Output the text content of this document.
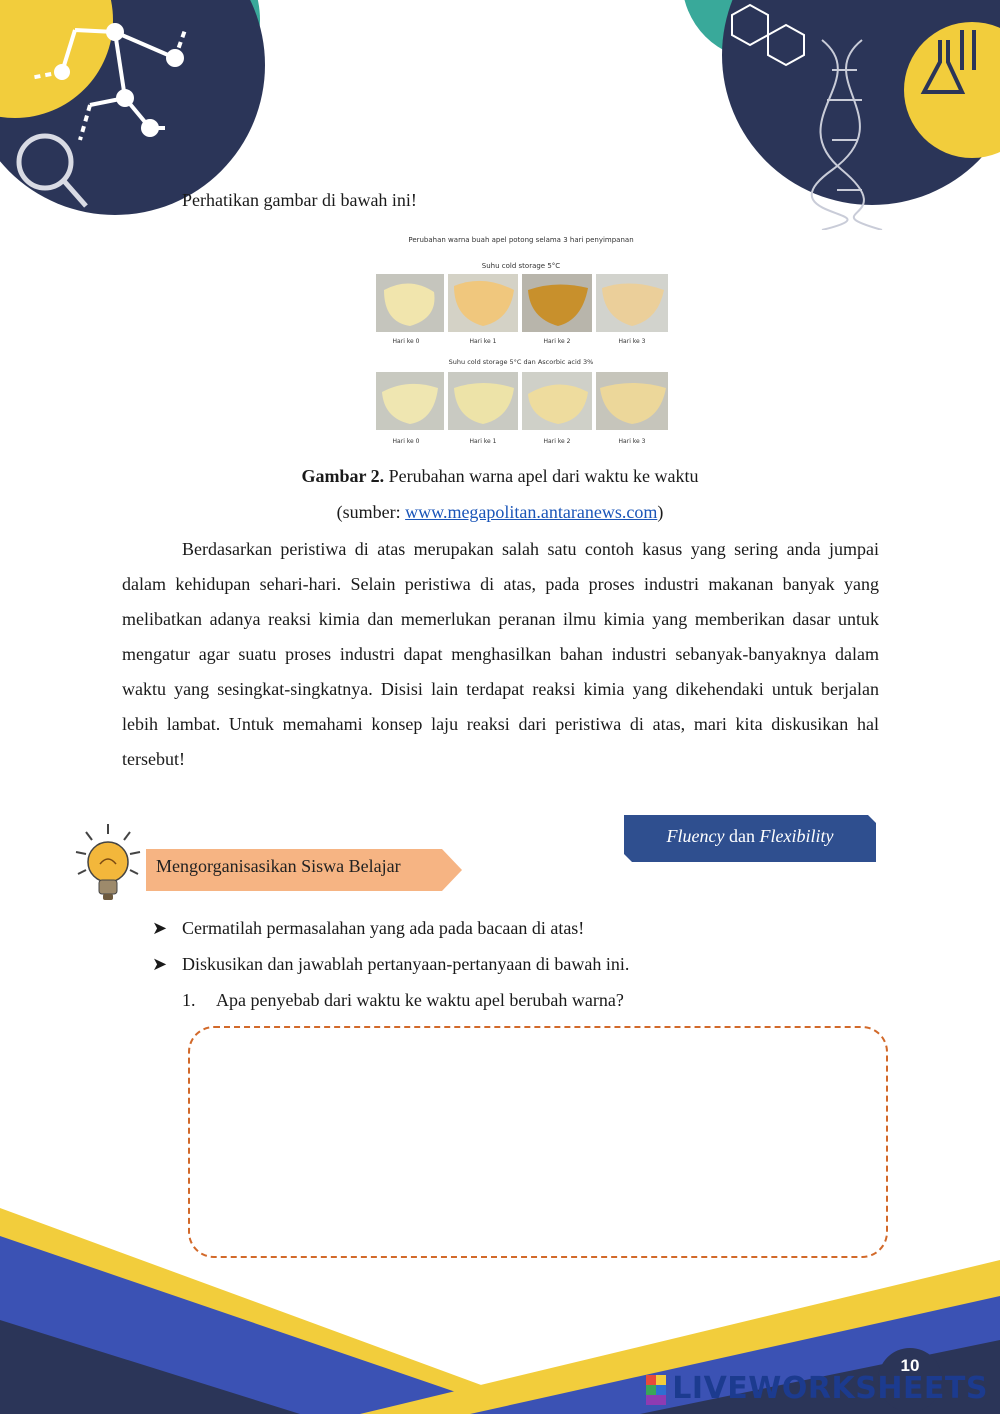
Perhatikan gambar di bawah ini!
Perubahan warna buah apel potong selama 3 hari penyimpanan
Suhu cold storage 5°C
Hari ke 0	Hari ke 1	Hari ke 2	Hari ke 3
Suhu cold storage 5°C dan Ascorbic acid 3%
Hari ke 0	Hari ke 1	Hari ke 2	Hari ke 3
Gambar 2. Perubahan warna apel dari waktu ke waktu
(sumber: www.megapolitan.antaranews.com)
Berdasarkan peristiwa di atas merupakan salah satu contoh kasus yang sering anda jumpai dalam kehidupan sehari-hari. Selain peristiwa di atas, pada proses industri makanan banyak yang melibatkan adanya reaksi kimia dan memerlukan peranan ilmu kimia yang memberikan dasar untuk mengatur agar suatu proses industri dapat menghasilkan bahan industri sebanyak-banyaknya dalam waktu yang sesingkat-singkatnya. Disisi lain terdapat reaksi kimia yang dikehendaki untuk berjalan lebih lambat. Untuk memahami konsep laju reaksi dari peristiwa di atas, mari kita diskusikan hal tersebut!
Fluency dan Flexibility
Mengorganisasikan Siswa Belajar
➤ Cermatilah permasalahan yang ada pada bacaan di atas!
➤ Diskusikan dan jawablah pertanyaan-pertanyaan di bawah ini.
1. Apa penyebab dari waktu ke waktu apel berubah warna?
10
LIVEWORKSHEETS
